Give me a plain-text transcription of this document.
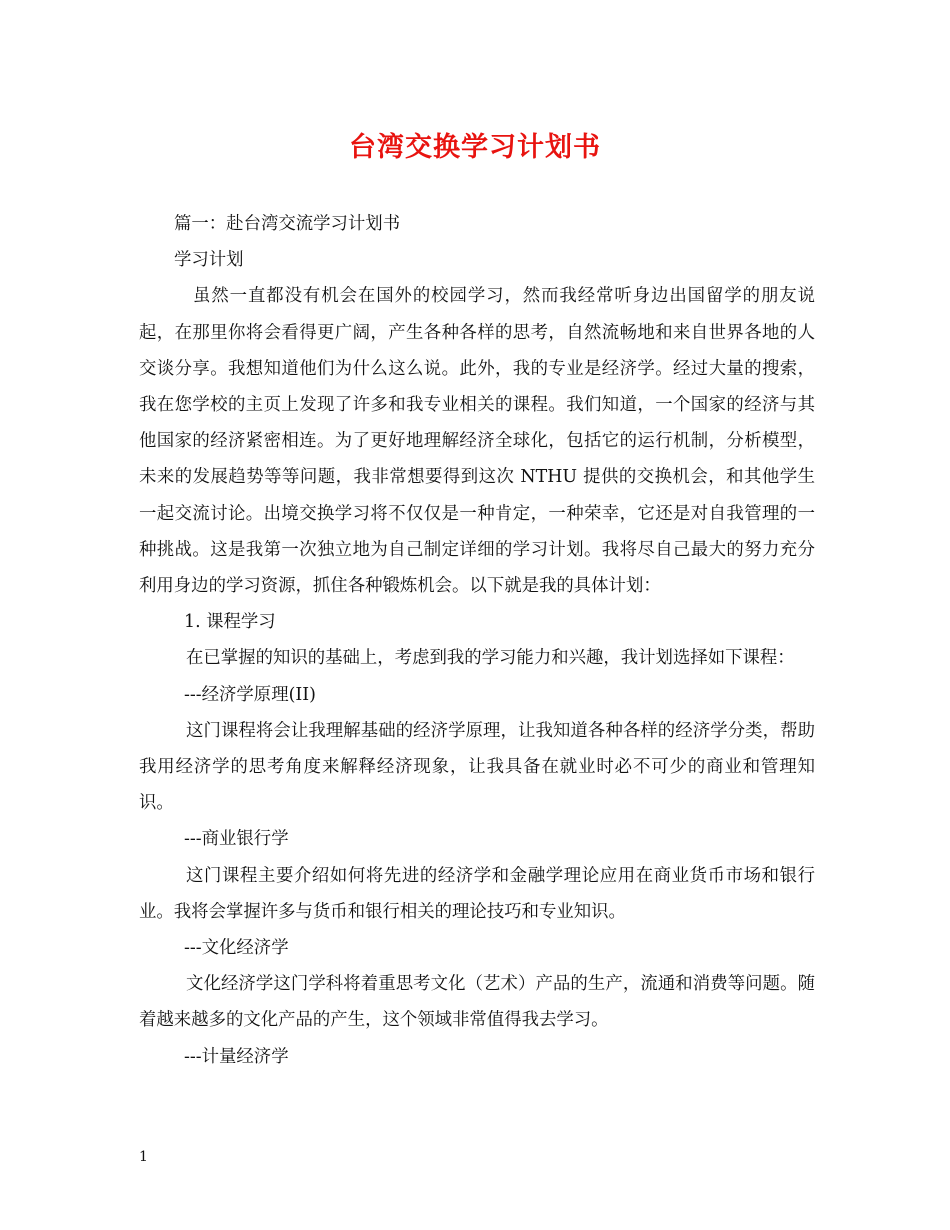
台湾交换学习计划书

篇一：赴台湾交流学习计划书

学习计划

虽然一直都没有机会在国外的校园学习，然而我经常听身边出国留学的朋友说起，在那里你将会看得更广阔，产生各种各样的思考，自然流畅地和来自世界各地的人交谈分享。我想知道他们为什么这么说。此外，我的专业是经济学。经过大量的搜索，我在您学校的主页上发现了许多和我专业相关的课程。我们知道，一个国家的经济与其他国家的经济紧密相连。为了更好地理解经济全球化，包括它的运行机制，分析模型，未来的发展趋势等等问题，我非常想要得到这次 NTHU 提供的交换机会，和其他学生一起交流讨论。出境交换学习将不仅仅是一种肯定，一种荣幸，它还是对自我管理的一种挑战。这是我第一次独立地为自己制定详细的学习计划。我将尽自己最大的努力充分利用身边的学习资源，抓住各种锻炼机会。以下就是我的具体计划：

1. 课程学习

在已掌握的知识的基础上，考虑到我的学习能力和兴趣，我计划选择如下课程：

---经济学原理(II)

这门课程将会让我理解基础的经济学原理，让我知道各种各样的经济学分类，帮助我用经济学的思考角度来解释经济现象，让我具备在就业时必不可少的商业和管理知识。

---商业银行学

这门课程主要介绍如何将先进的经济学和金融学理论应用在商业货币市场和银行业。我将会掌握许多与货币和银行相关的理论技巧和专业知识。

---文化经济学

文化经济学这门学科将着重思考文化（艺术）产品的生产，流通和消费等问题。随着越来越多的文化产品的产生，这个领域非常值得我去学习。

---计量经济学

1
